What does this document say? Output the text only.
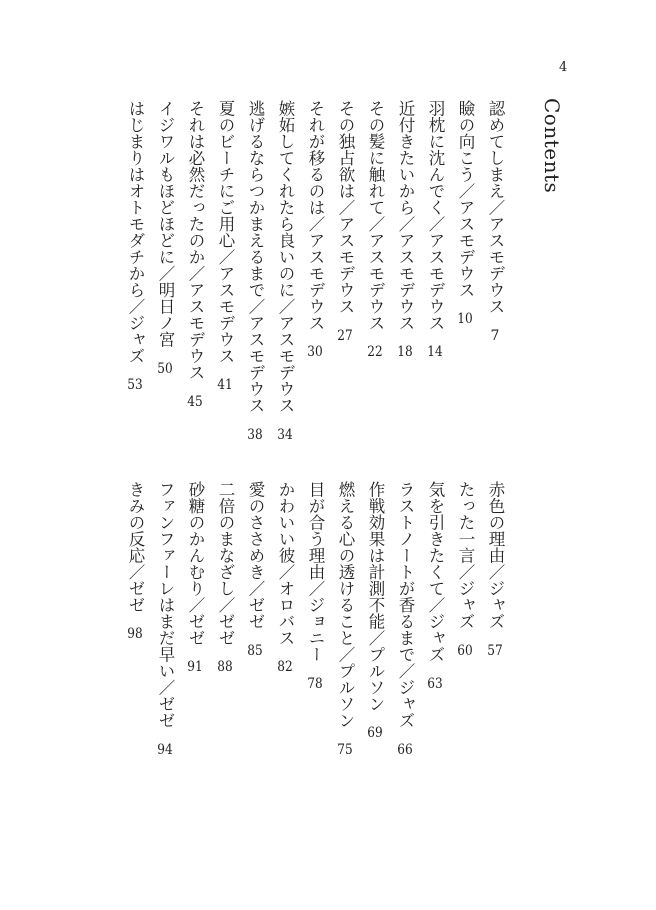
4
Contents
認めてしまえ／アスモデウス7
瞼の向こう／アスモデウス10
羽枕に沈んでく／アスモデウス14
近付きたいから／アスモデウス18
その髪に触れて／アスモデウス22
その独占欲は／アスモデウス27
それが移るのは／アスモデウス30
嫉妬してくれたら良いのに／アスモデウス34
逃げるならつかまえるまで／アスモデウス38
夏のビーチにご用心／アスモデウス41
それは必然だったのか／アスモデウス45
イジワルもほどほどに／明日ノ宮50
はじまりはオトモダチから／ジャズ53
赤色の理由／ジャズ57
たった一言／ジャズ60
気を引きたくて／ジャズ63
ラストノートが香るまで／ジャズ66
作戦効果は計測不能／プルソン69
燃える心の透けること／プルソン75
目が合う理由／ジョニー78
かわいい彼／オロバス82
愛のささめき／ゼゼ85
二倍のまなざし／ゼゼ88
砂糖のかんむり／ゼゼ91
ファンファーレはまだ早い／ゼゼ94
きみの反応／ゼゼ98
